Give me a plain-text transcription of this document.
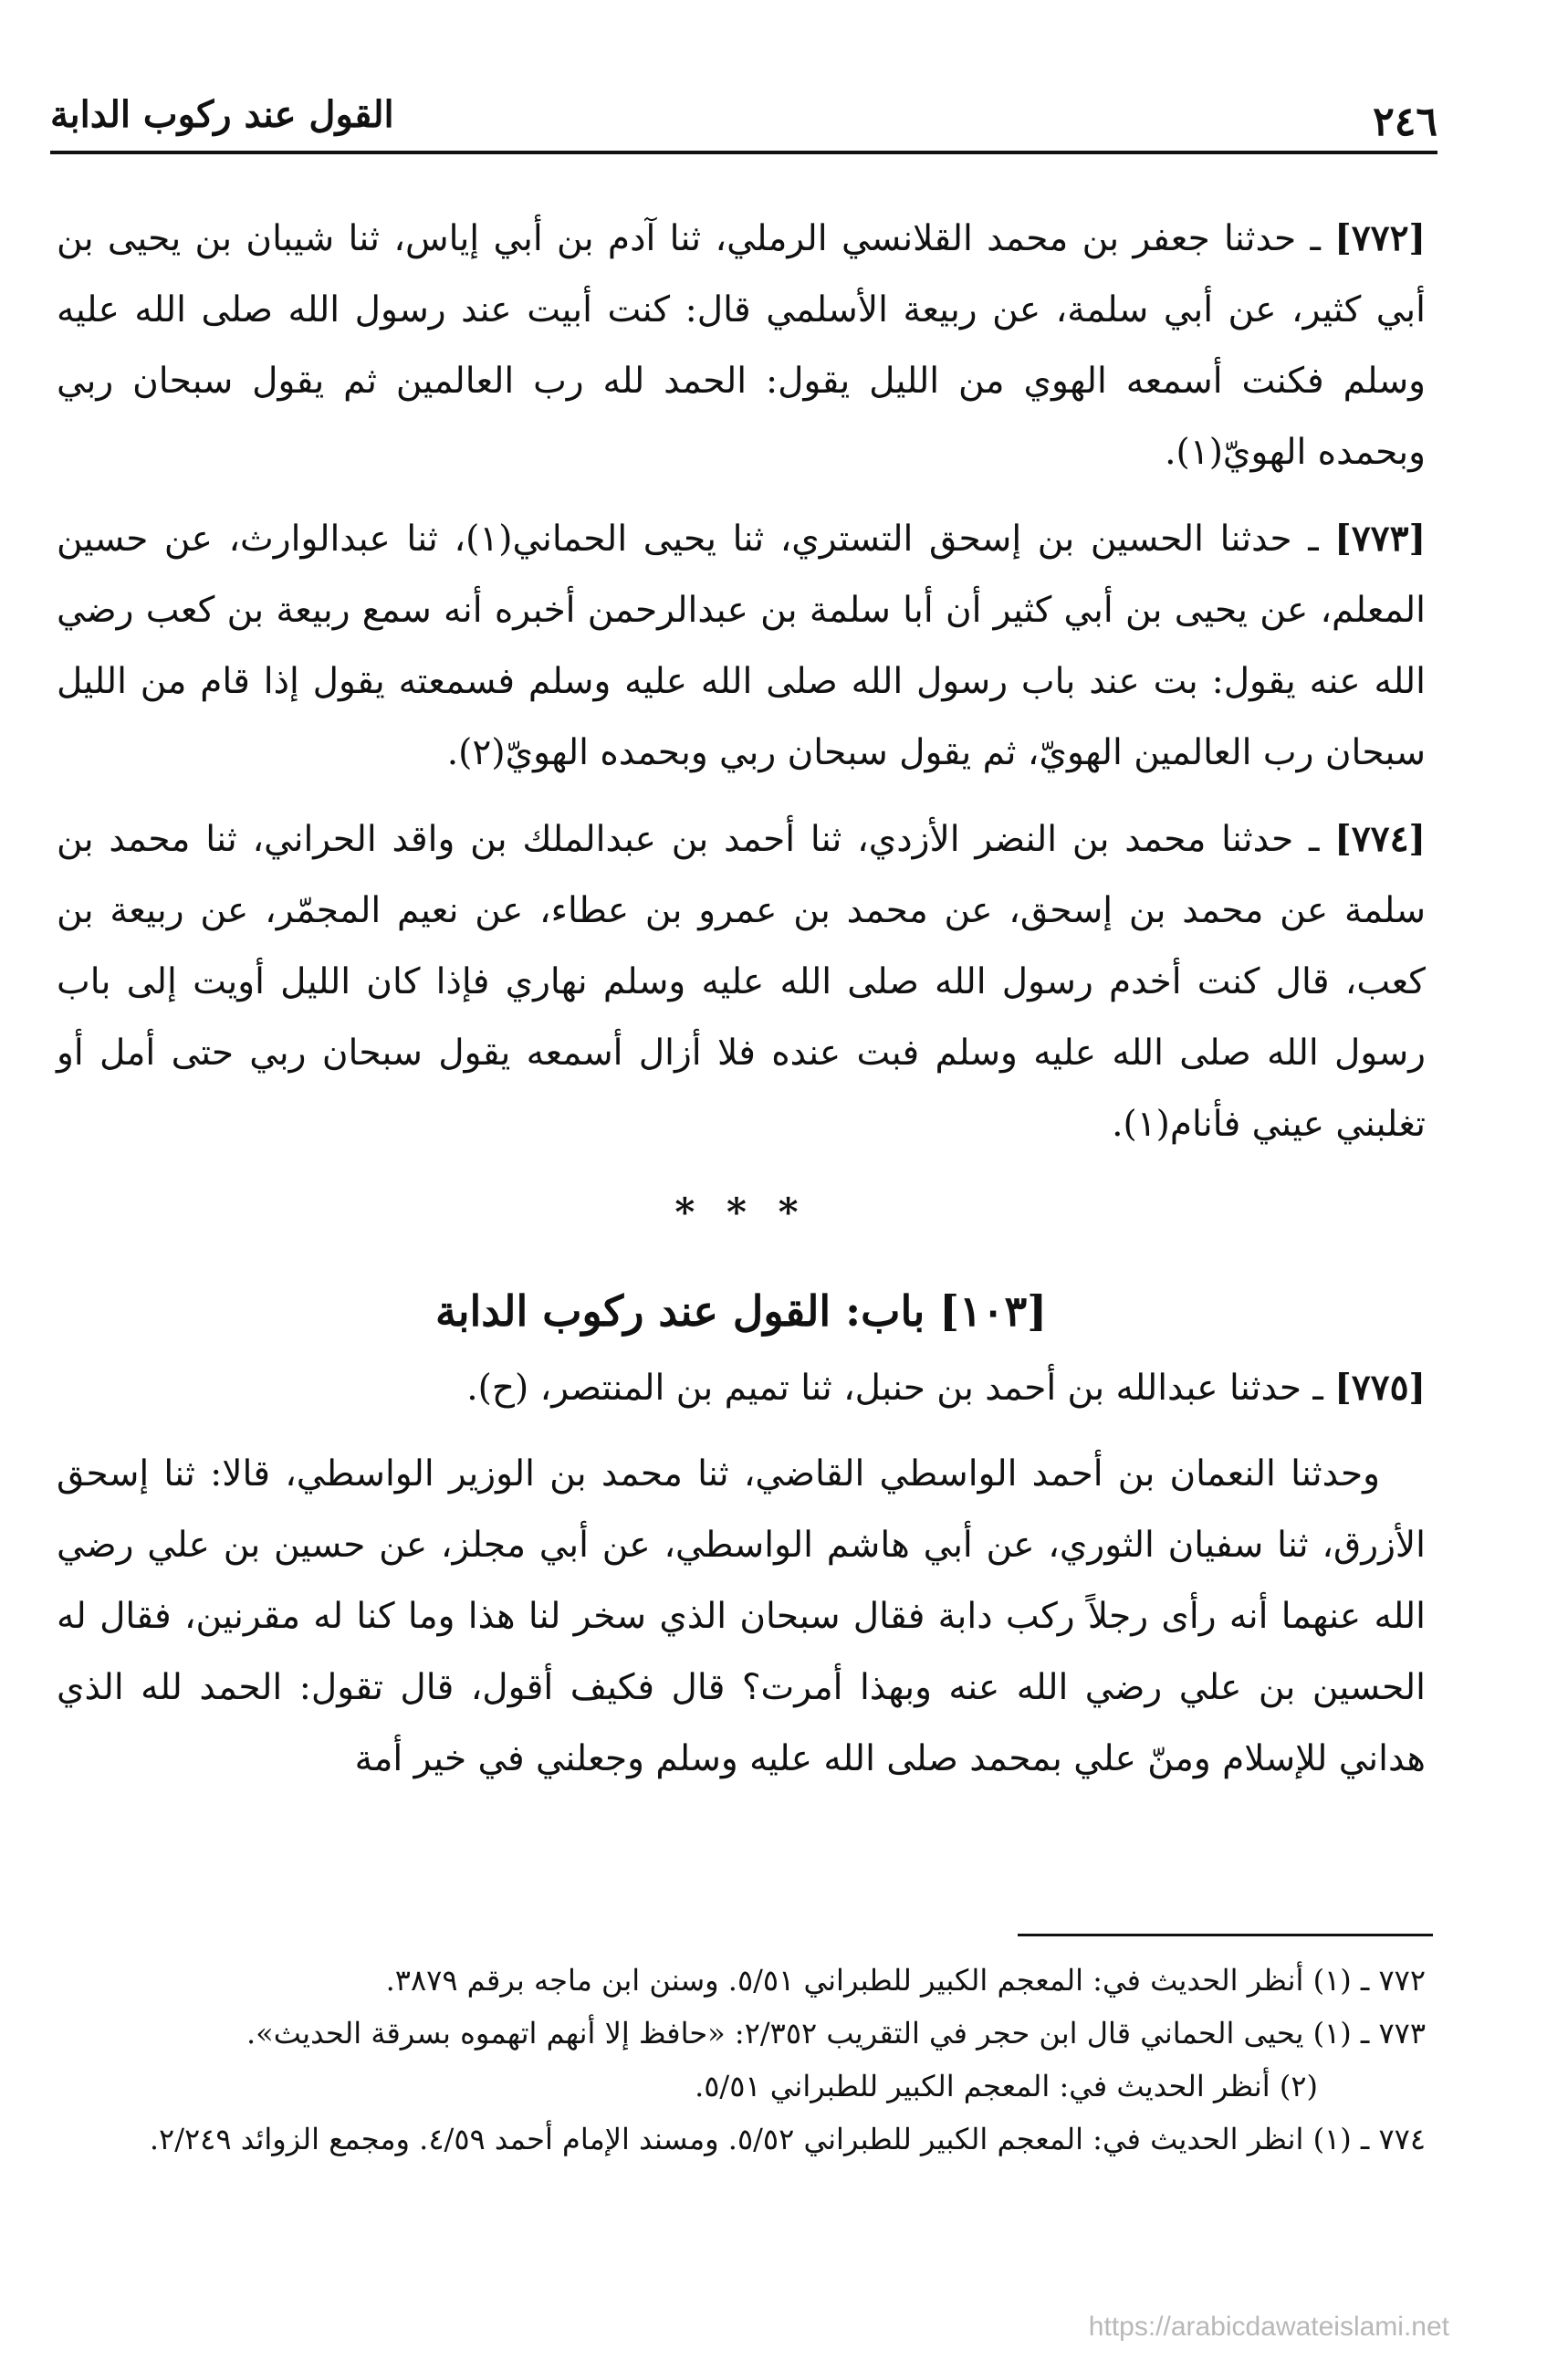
٢٤٦
القول عند ركوب الدابة

[٧٧٢] ـ حدثنا جعفر بن محمد القلانسي الرملي، ثنا آدم بن أبي إياس، ثنا شيبان بن يحيى بن أبي كثير، عن أبي سلمة، عن ربيعة الأسلمي قال: كنت أبيت عند رسول الله صلى الله عليه وسلم فكنت أسمعه الهوي من الليل يقول: الحمد لله رب العالمين ثم يقول سبحان ربي وبحمده الهويّ(١).

[٧٧٣] ـ حدثنا الحسين بن إسحق التستري، ثنا يحيى الحماني(١)، ثنا عبدالوارث، عن حسين المعلم، عن يحيى بن أبي كثير أن أبا سلمة بن عبدالرحمن أخبره أنه سمع ربيعة بن كعب رضي الله عنه يقول: بت عند باب رسول الله صلى الله عليه وسلم فسمعته يقول إذا قام من الليل سبحان رب العالمين الهويّ، ثم يقول سبحان ربي وبحمده الهويّ(٢).

[٧٧٤] ـ حدثنا محمد بن النضر الأزدي، ثنا أحمد بن عبدالملك بن واقد الحراني، ثنا محمد بن سلمة عن محمد بن إسحق، عن محمد بن عمرو بن عطاء، عن نعيم المجمّر، عن ربيعة بن كعب، قال كنت أخدم رسول الله صلى الله عليه وسلم نهاري فإذا كان الليل أويت إلى باب رسول الله صلى الله عليه وسلم فبت عنده فلا أزال أسمعه يقول سبحان ربي حتى أمل أو تغلبني عيني فأنام(١).

* * *
[١٠٣] باب: القول عند ركوب الدابة

[٧٧٥] ـ حدثنا عبدالله بن أحمد بن حنبل، ثنا تميم بن المنتصر، (ح).

وحدثنا النعمان بن أحمد الواسطي القاضي، ثنا محمد بن الوزير الواسطي، قالا: ثنا إسحق الأزرق، ثنا سفيان الثوري، عن أبي هاشم الواسطي، عن أبي مجلز، عن حسين بن علي رضي الله عنهما أنه رأى رجلاً ركب دابة فقال سبحان الذي سخر لنا هذا وما كنا له مقرنين، فقال له الحسين بن علي رضي الله عنه وبهذا أمرت؟ قال فكيف أقول، قال تقول: الحمد لله الذي هداني للإسلام ومنّ علي بمحمد صلى الله عليه وسلم وجعلني في خير أمة

٧٧٢ ـ (١) أنظر الحديث في: المعجم الكبير للطبراني ٥/٥١. وسنن ابن ماجه برقم ٣٨٧٩.

٧٧٣ ـ (١) يحيى الحماني قال ابن حجر في التقريب ٢/٣٥٢: «حافظ إلا أنهم اتهموه بسرقة الحديث».

(٢) أنظر الحديث في: المعجم الكبير للطبراني ٥/٥١.

٧٧٤ ـ (١) انظر الحديث في: المعجم الكبير للطبراني ٥/٥٢. ومسند الإمام أحمد ٤/٥٩. ومجمع الزوائد ٢/٢٤٩.

https://arabicdawateislami.net
